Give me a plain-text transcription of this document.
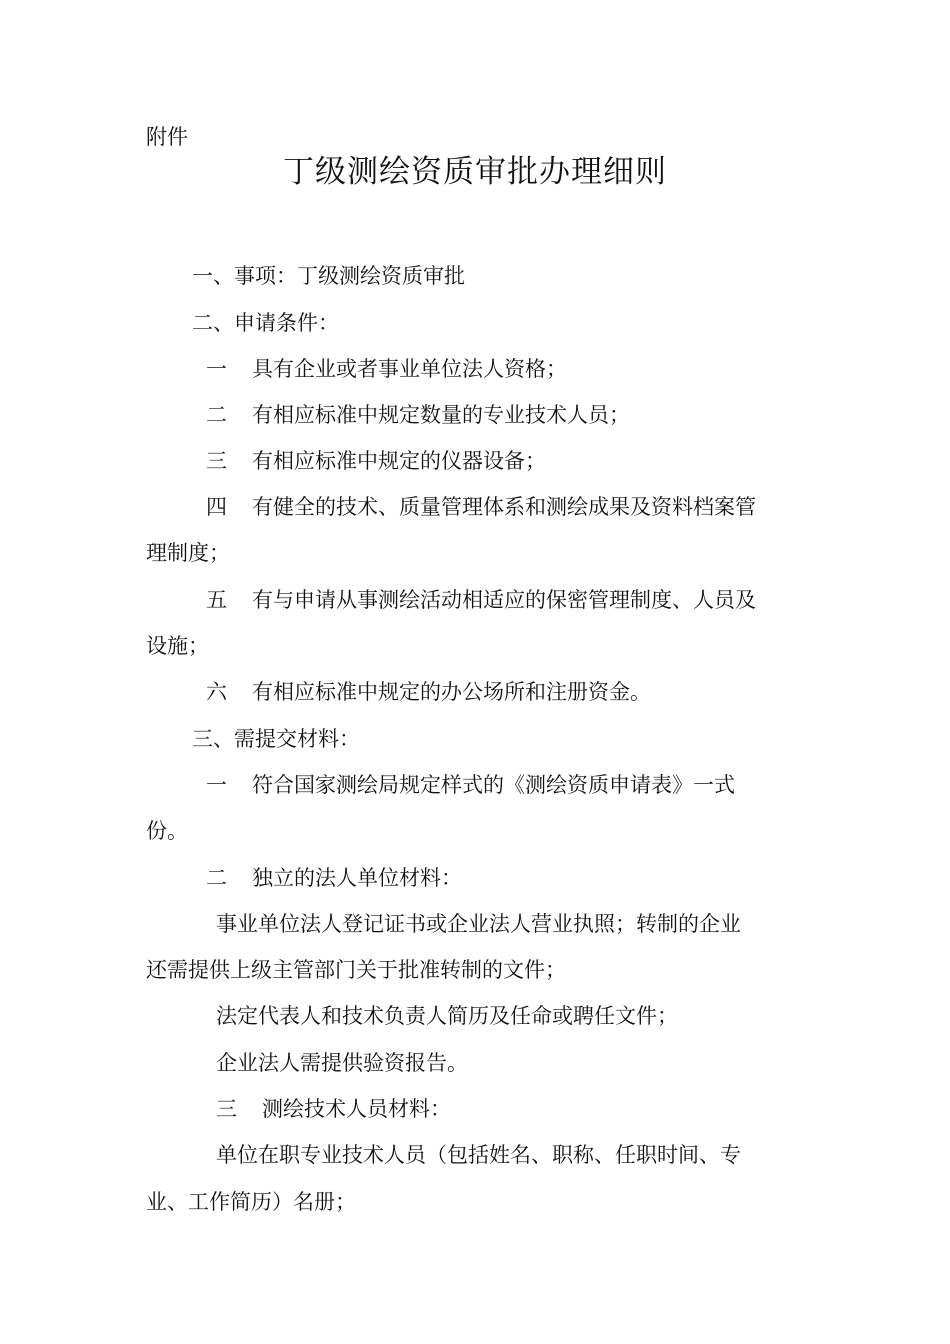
附件
丁级测绘资质审批办理细则
一、事项：丁级测绘资质审批
二、申请条件：
一 具有企业或者事业单位法人资格；
二 有相应标准中规定数量的专业技术人员；
三 有相应标准中规定的仪器设备；
四 有健全的技术、质量管理体系和测绘成果及资料档案管
理制度；
五 有与申请从事测绘活动相适应的保密管理制度、人员及
设施；
六 有相应标准中规定的办公场所和注册资金。
三、需提交材料：
一 符合国家测绘局规定样式的《测绘资质申请表》一式
份。
二 独立的法人单位材料：
事业单位法人登记证书或企业法人营业执照；转制的企业
还需提供上级主管部门关于批准转制的文件；
法定代表人和技术负责人简历及任命或聘任文件；
企业法人需提供验资报告。
三 测绘技术人员材料：
单位在职专业技术人员（包括姓名、职称、任职时间、专
业、工作简历）名册；
